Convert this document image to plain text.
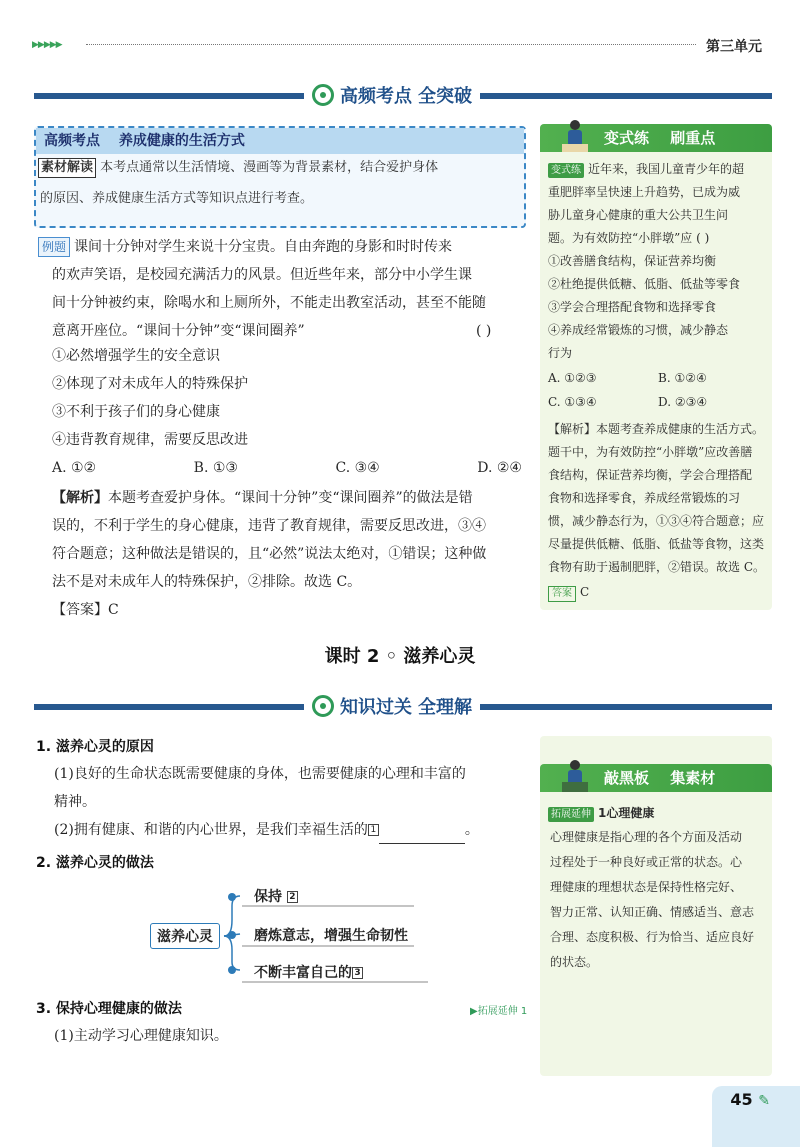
▶▶▶▶▶	第三单元
高频考点 全突破
高频考点 养成健康的生活方式
素材解读 本考点通常以生活情境、漫画等为背景素材，结合爱护身体
的原因、养成健康生活方式等知识点进行考查。
例题 课间十分钟对学生来说十分宝贵。自由奔跑的身影和时时传来
的欢声笑语，是校园充满活力的风景。但近些年来，部分中小学生课
间十分钟被约束，除喝水和上厕所外，不能走出教室活动，甚至不能随
意离开座位。“课间十分钟”变“课间圈养”	( )
①必然增强学生的安全意识
②体现了对未成年人的特殊保护
③不利于孩子们的身心健康
④违背教育规律，需要反思改进
A. ①②	B. ①③	C. ③④	D. ②④
【解析】本题考查爱护身体。“课间十分钟”变“课间圈养”的做法是错
误的，不利于学生的身心健康，违背了教育规律，需要反思改进，③④
符合题意；这种做法是错误的，且“必然”说法太绝对，①错误；这种做
法不是对未成年人的特殊保护，②排除。故选 C。
【答案】C
变式练 刷重点
变式练 近年来，我国儿童青少年的超
重肥胖率呈快速上升趋势，已成为威
胁儿童身心健康的重大公共卫生问
题。为有效防控“小胖墩”应 ( )
①改善膳食结构，保证营养均衡
②杜绝提供低糖、低脂、低盐等零食
③学会合理搭配食物和选择零食
④养成经常锻炼的习惯，减少静态
行为
A. ①②③	B. ①②④
C. ①③④	D. ②③④
【解析】本题考查养成健康的生活方式。
题干中，为有效防控“小胖墩”应改善膳
食结构，保证营养均衡，学会合理搭配
食物和选择零食，养成经常锻炼的习
惯，减少静态行为，①③④符合题意；应
尽量提供低糖、低脂、低盐等食物，这类
食物有助于遏制肥胖，②错误。故选 C。
答案 C
课时 2 ◦ 滋养心灵
知识过关 全理解
1. 滋养心灵的原因
(1)良好的生命状态既需要健康的身体，也需要健康的心理和丰富的
精神。
(2)拥有健康、和谐的内心世界，是我们幸福生活的 1	。
2. 滋养心灵的做法
滋养心灵
保持 2
磨炼意志，增强生命韧性
不断丰富自己的 3
3. 保持心理健康的做法	▶拓展延伸 1
(1)主动学习心理健康知识。
敲黑板 集素材
拓展延伸 1心理健康
心理健康是指心理的各个方面及活动
过程处于一种良好或正常的状态。心
理健康的理想状态是保持性格完好、
智力正常、认知正确、情感适当、意志
合理、态度积极、行为恰当、适应良好
的状态。
45 ✎
